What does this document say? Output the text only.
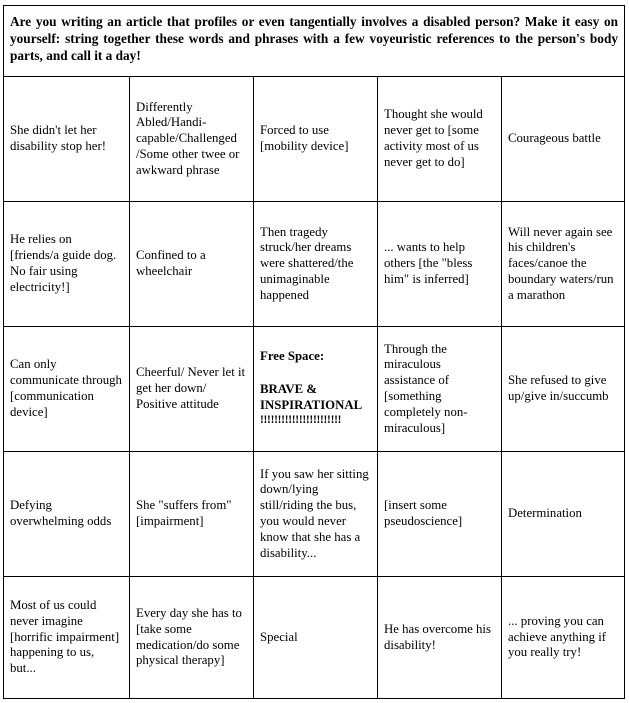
Are you writing an article that profiles or even tangentially involves a disabled person? Make it easy on yourself: string together these words and phrases with a few voyeuristic references to the person's body parts, and call it a day!
She didn't let her disability stop her!
Differently Abled/Handi-capable/Challenged /Some other twee or awkward phrase
Forced to use [mobility device]
Thought she would never get to [some activity most of us never get to do]
Courageous battle
He relies on [friends/a guide dog. No fair using electricity!]
Confined to a wheelchair
Then tragedy struck/her dreams were shattered/the unimaginable happened
... wants to help others [the "bless him" is inferred]
Will never again see his children's faces/canoe the boundary waters/run a marathon
Can only communicate through [communication device]
Cheerful/ Never let it get her down/ Positive attitude
Free Space:
BRAVE & INSPIRATIONAL
!!!!!!!!!!!!!!!!!!!!!!!
Through the miraculous assistance of [something completely non-miraculous]
She refused to give up/give in/succumb
Defying overwhelming odds
She "suffers from" [impairment]
If you saw her sitting down/lying still/riding the bus, you would never know that she has a disability...
[insert some pseudoscience]
Determination
Most of us could never imagine [horrific impairment] happening to us, but...
Every day she has to [take some medication/do some physical therapy]
Special
He has overcome his disability!
... proving you can achieve anything if you really try!
